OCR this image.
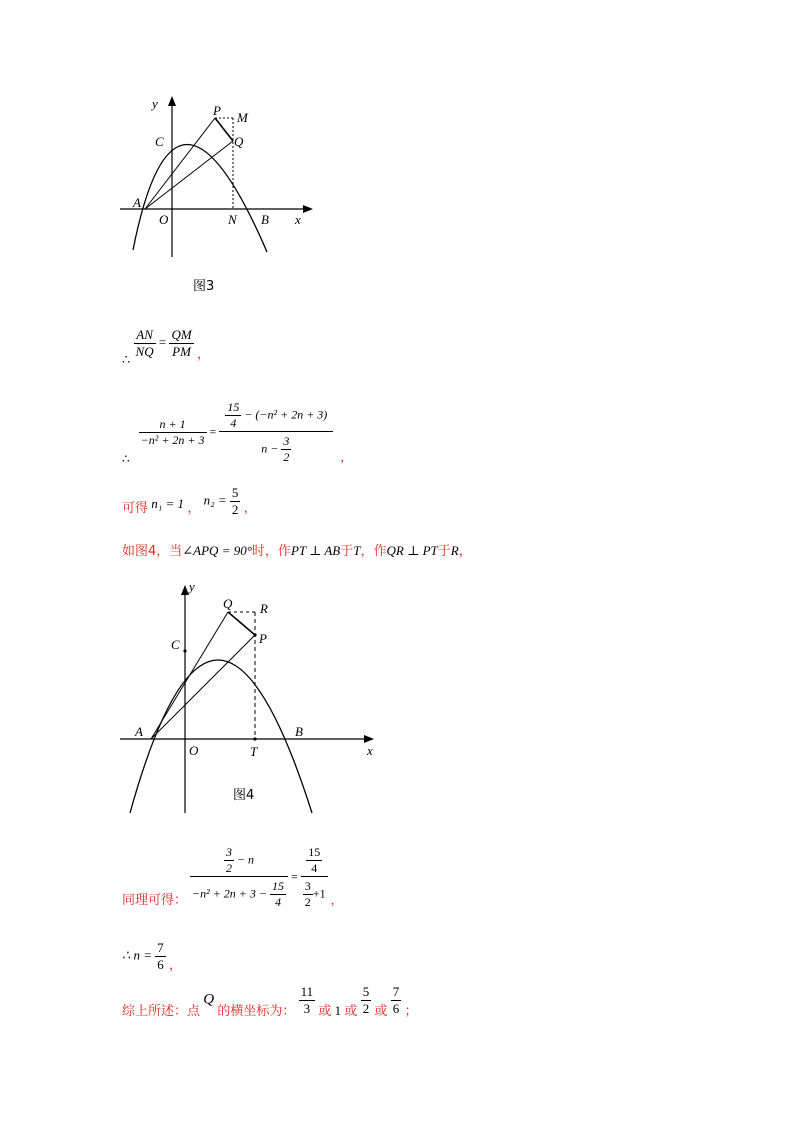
y	P M
C	Q
A
O	N B x
图3
∴ $\frac{AN}{NQ} = \frac{QM}{PM}$ ，
∴
$\frac{n + 1}{\text{−n² + 2n + 3}} = \frac{\frac{15}{4} - (-n^2 + 2n + 3)}{n - \frac{3}{2}}$ ，
可得 n₁ = 1 ， $n_2 = \frac{5}{2}$ ，
如图4，当∠APQ = 90°时，作PT ⊥ AB于T，作QR ⊥ PT于R，
y
Q R
C	P
A
O	T
B
x
图4
同理可得： $\frac{\frac{3}{2} - n}{-n^2 + 2n + 3 - \frac{15}{4}} = \frac{\frac{15}{4}}{\frac{3}{2} +1}$ ，
∴ $n = \frac{7}{6}$ ，
综上所述：点 Q 的横坐标为： $\frac{11}{3}$ 或 1 或 $\frac{5}{2}$ 或 $\frac{7}{6}$ ；
